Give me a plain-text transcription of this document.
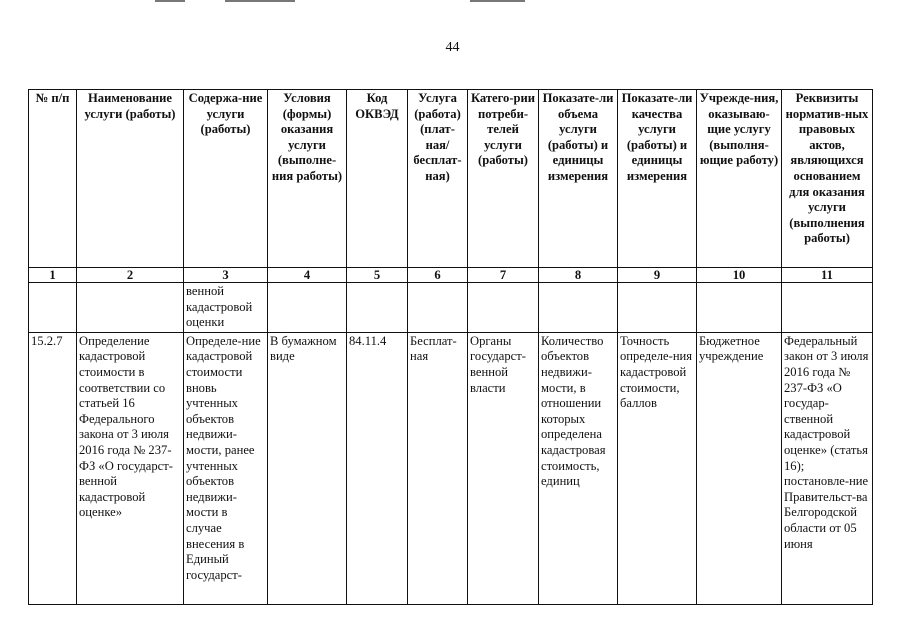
44
№ п/п	Наименование услуги (работы)	Содержа-ние услуги (работы)	Условия (формы) оказания услуги (выполне-ния работы)	Код ОКВЭД	Услуга (работа) (плат-ная/ бесплат-ная)	Катего-рии потреби-телей услуги (работы)	Показате-ли объема услуги (работы) и единицы измерения	Показате-ли качества услуги (работы) и единицы измерения	Учрежде-ния, оказываю-щие услугу (выполня-ющие работу)	Реквизиты норматив-ных правовых актов, являющихся основанием для оказания услуги (выполнения работы)
1	2	3	4	5	6	7	8	9	10	11
		венной кадастровой оценки								
15.2.7	Определение кадастровой стоимости в соответствии со статьей 16 Федерального закона от 3 июля 2016 года № 237-ФЗ «О государст-венной кадастровой оценке»	Определе-ние кадастровой стоимости вновь учтенных объектов недвижи-мости, ранее учтенных объектов недвижи-мости в случае внесения в Единый государст-	В бумажном виде	84.11.4	Бесплат-ная	Органы государст-венной власти	Количество объектов недвижи-мости, в отношении которых определена кадастровая стоимость, единиц	Точность определе-ния кадастровой стоимости, баллов	Бюджетное учреждение	Федеральный закон от 3 июля 2016 года № 237-ФЗ «О государ-ственной кадастровой оценке» (статья 16); постановле-ние Правительст-ва Белгородской области от 05 июня
